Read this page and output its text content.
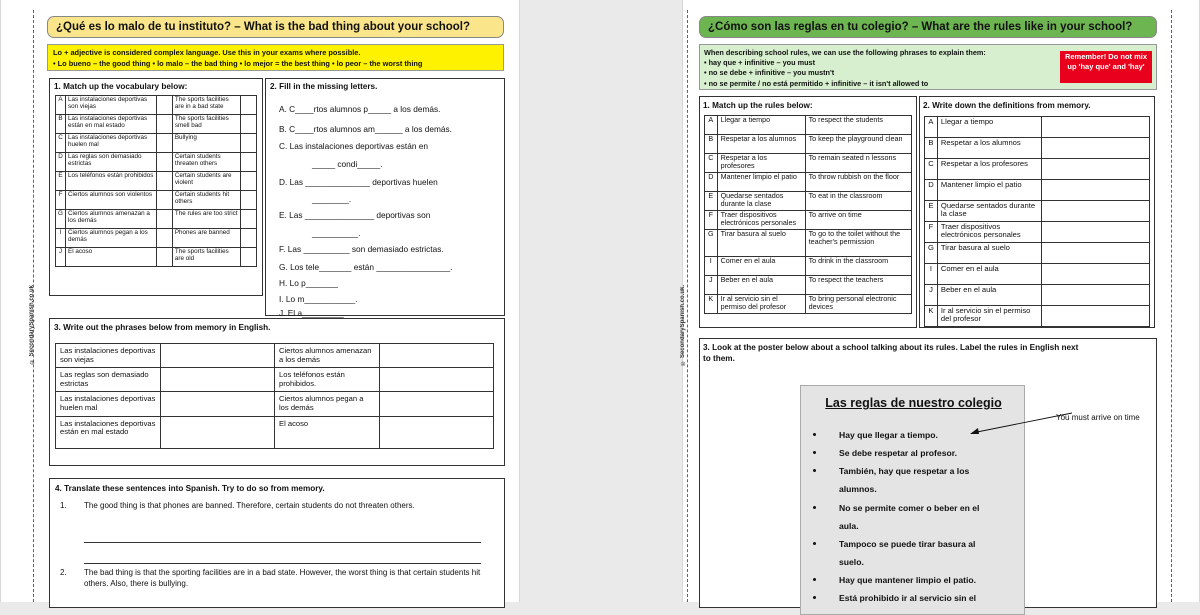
© SecondarySpanish.co.uk
¿Qué es lo malo de tu instituto? – What is the bad thing about your school?
Lo + adjective is considered complex language. Use this in your exams where possible.
• Lo bueno – the good thing • lo malo – the bad thing • lo mejor = the best thing • lo peor – the worst thing
1. Match up the vocabulary below:
A	Las instalaciones deportivas son viejas		The sports facilities are in a bad state	
B	Las instalaciones deportivas están en mal estado		The sports facilities smell bad	
C	Las instalaciones deportivas huelen mal		Bullying	
D	Las reglas son demasiado estrictas		Certain students threaten others	
E	Los teléfonos están prohibidos		Certain students are violent	
F	Ciertos alumnos son violentos		Certain students hit others	
G	Ciertos alumnos amenazan a los demás		The rules are too strict	
I	Ciertos alumnos pegan a los demás		Phones are banned	
J	El acoso		The sports facilities are old	
2. Fill in the missing letters.
A. C____rtos alumnos p_____ a los demás.
B. C____rtos alumnos am______ a los demás.
C. Las instalaciones deportivas están en
_____ condi_____.
D. Las ______________ deportivas huelen
________.
E. Las _______________ deportivas son
__________.
F. Las __________ son demasiado estrictas.
G. Los tele_______ están ________________.
H. Lo p_______
I. Lo m___________.
J. El a_________
3. Write out the phrases below from memory in English.
Las instalaciones deportivas son viejas		Ciertos alumnos amenazan a los demás	
Las reglas son demasiado estrictas		Los teléfonos están prohibidos.	
Las instalaciones deportivas huelen mal		Ciertos alumnos pegan a los demás	
Las instalaciones deportivas están en mal estado		El acoso	
4. Translate these sentences into Spanish. Try to do so from memory.
1. The good thing is that phones are banned. Therefore, certain students do not threaten others.
2. The bad thing is that the sporting facilities are in a bad state. However, the worst thing is that certain students hit others. Also, there is bullying.
© SecondarySpanish.co.uk.
¿Cómo son las reglas en tu colegio? – What are the rules like in your school?
When describing school rules, we can use the following phrases to explain them:
• hay que + infinitive – you must
• no se debe + infinitive – you mustn't
• no se permite / no está permitido + infinitive – it isn't allowed to
Remember! Do not mix up 'hay que' and 'hay'
1. Match up the rules below:
A	Llegar a tiempo	To respect the students
B	Respetar a los alumnos	To keep the playground clean
C	Respetar a los profesores	To remain seated n lessons
D	Mantener limpio el patio	To throw rubbish on the floor
E	Quedarse sentados durante la clase	To eat in the classroom
F	Traer dispositivos electrónicos personales	To arrive on time
G	Tirar basura al suelo	To go to the toilet without the teacher's permission
I	Comer en el aula	To drink in the classroom
J	Beber en el aula	To respect the teachers
K	Ir al servicio sin el permiso del profesor	To bring personal electronic devices
2. Write down the definitions from memory.
A	Llegar a tiempo	
B	Respetar a los alumnos	
C	Respetar a los profesores	
D	Mantener limpio el patio	
E	Quedarse sentados durante la clase	
F	Traer dispositivos electrónicos personales	
G	Tirar basura al suelo	
I	Comer en el aula	
J	Beber en el aula	
K	Ir al servicio sin el permiso del profesor	
3. Look at the poster below about a school talking about its rules. Label the rules in English next
to them.
Las reglas de nuestro colegio
Hay que llegar a tiempo.
Se debe respetar al profesor.
También, hay que respetar a los
alumnos.
No se permite comer o beber en el
aula.
Tampoco se puede tirar basura al
suelo.
Hay que mantener limpio el patio.
Está prohibido ir al servicio sin el
You must arrive on time
